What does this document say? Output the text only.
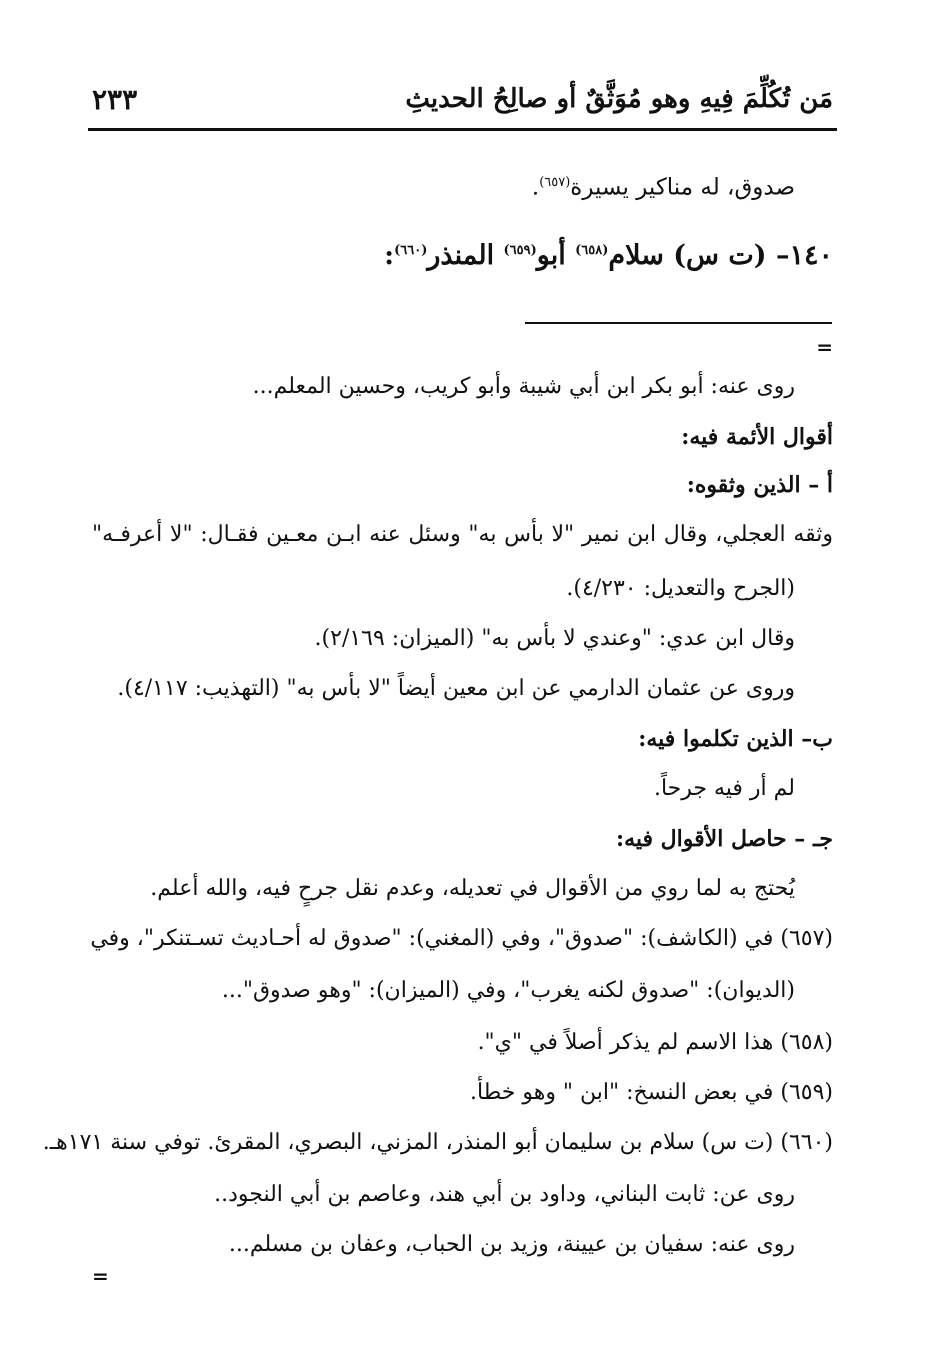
مَن تُكُلِّمَ فِيهِ وهو مُوَثَّقٌ أو صالِحُ الحديثِ
٢٣٣
صدوق، له مناكير يسيرة$^{(٦٥٧)}$.
١٤٠– (ت س) سلام$^{(٦٥٨)}$ أبو$^{(٦٥٩)}$ المنذر$^{(٦٦٠)}$:
=
روى عنه: أبو بكر ابن أبي شيبة وأبو كريب، وحسين المعلم...
أقوال الأئمة فيه:
أ – الذين وثقوه:
وثقه العجلي، وقال ابن نمير "لا بأس به" وسئل عنه ابـن معـين فقـال: "لا أعرفـه"
(الجرح والتعديل: ٤/٢٣٠).
وقال ابن عدي: "وعندي لا بأس به" (الميزان: ٢/١٦٩).
وروى عن عثمان الدارمي عن ابن معين أيضاً "لا بأس به" (التهذيب: ٤/١١٧).
ب– الذين تكلموا فيه:
لم أر فيه جرحاً.
جـ – حاصل الأقوال فيه:
يُحتج به لما روي من الأقوال في تعديله، وعدم نقل جرحٍ فيه، والله أعلم.
(٦٥٧) في (الكاشف): "صدوق"، وفي (المغني): "صدوق له أحـاديث تسـتنكر"، وفي
(الديوان): "صدوق لكنه يغرب"، وفي (الميزان): "وهو صدوق"...
(٦٥٨) هذا الاسم لم يذكر أصلاً في "ي".
(٦٥٩) في بعض النسخ: "ابن " وهو خطأ.
(٦٦٠) (ت س) سلام بن سليمان أبو المنذر، المزني، البصري، المقرئ. توفي سنة ١٧١هـ.
روى عن: ثابت البناني، وداود بن أبي هند، وعاصم بن أبي النجود..
روى عنه: سفيان بن عيينة، وزيد بن الحباب، وعفان بن مسلم...
=
